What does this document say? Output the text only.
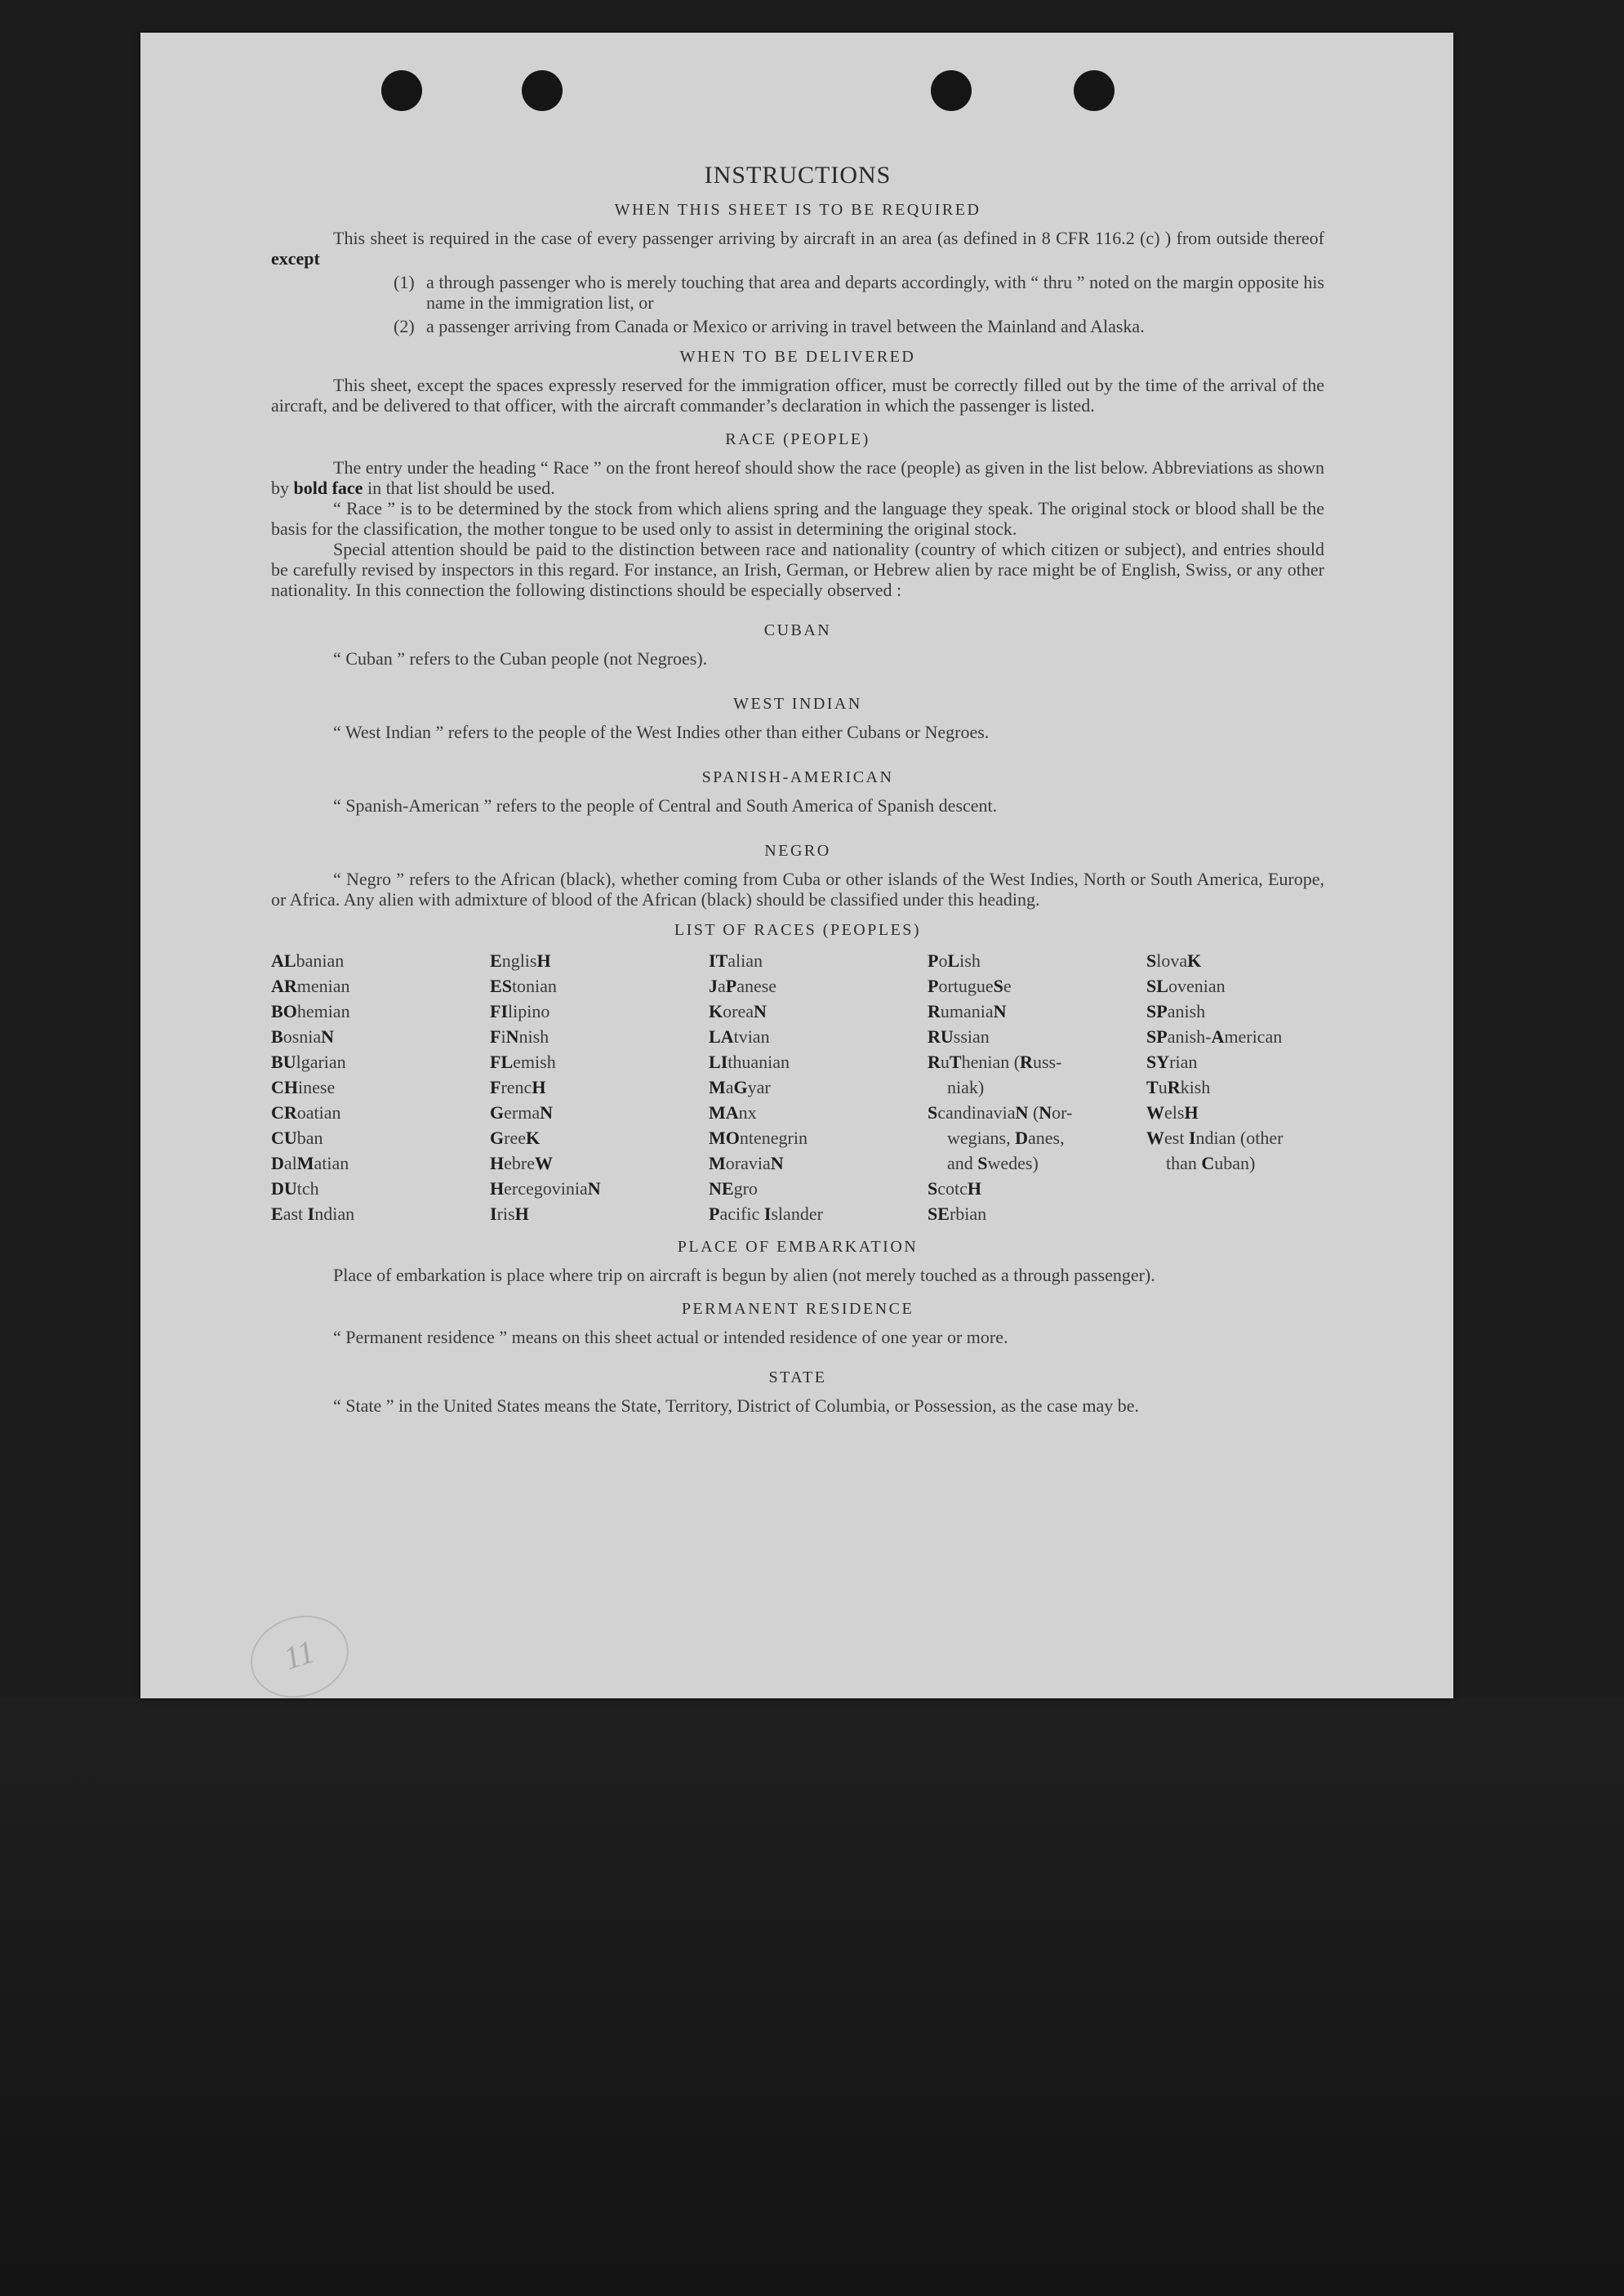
INSTRUCTIONS
WHEN THIS SHEET IS TO BE REQUIRED

This sheet is required in the case of every passenger arriving by aircraft in an area (as defined in 8 CFR 116.2 (c) ) from outside thereof except

(1) a through passenger who is merely touching that area and departs accordingly, with “ thru ” noted on the margin opposite his name in the immigration list, or
(2) a passenger arriving from Canada or Mexico or arriving in travel between the Mainland and Alaska.
WHEN TO BE DELIVERED

This sheet, except the spaces expressly reserved for the immigration officer, must be correctly filled out by the time of the arrival of the aircraft, and be delivered to that officer, with the aircraft commander’s declaration in which the passenger is listed.

RACE (PEOPLE)

The entry under the heading “ Race ” on the front hereof should show the race (people) as given in the list below. Abbreviations as shown by bold face in that list should be used.

“ Race ” is to be determined by the stock from which aliens spring and the language they speak. The original stock or blood shall be the basis for the classification, the mother tongue to be used only to assist in determining the original stock.

Special attention should be paid to the distinction between race and nationality (country of which citizen or subject), and entries should be carefully revised by inspectors in this regard. For instance, an Irish, German, or Hebrew alien by race might be of English, Swiss, or any other nationality. In this connection the following distinctions should be especially observed :

CUBAN

“ Cuban ” refers to the Cuban people (not Negroes).

WEST INDIAN

“ West Indian ” refers to the people of the West Indies other than either Cubans or Negroes.

SPANISH-AMERICAN

“ Spanish-American ” refers to the people of Central and South America of Spanish descent.

NEGRO

“ Negro ” refers to the African (black), whether coming from Cuba or other islands of the West Indies, North or South America, Europe, or Africa. Any alien with admixture of blood of the African (black) should be classified under this heading.

LIST OF RACES (PEOPLES)
ALbanian
ARmenian
BOhemian
BosniaN
BUlgarian
CHinese
CRoatian
CUban
DalMatian
DUtch
East Indian
EnglisH
EStonian
FIlipino
FiNnish
FLemish
FrencH
GermaN
GreeK
HebreW
HercegoviniaN
IrisH
ITalian
JaPanese
KoreaN
LAtvian
LIthuanian
MaGyar
MAnx
MOntenegrin
MoraviaN
NEgro
Pacific Islander
PoLish
PortugueSe
RumaniaN
RUssian
RuThenian (Russ-
niak)
ScandinaviaN (Nor-
wegians, Danes,
and Swedes)
ScotcH
SErbian
SlovaK
SLovenian
SPanish
SPanish-American
SYrian
TuRkish
WelsH
West Indian (other
than Cuban)
PLACE OF EMBARKATION

Place of embarkation is place where trip on aircraft is begun by alien (not merely touched as a through passenger).

PERMANENT RESIDENCE

“ Permanent residence ” means on this sheet actual or intended residence of one year or more.

STATE

“ State ” in the United States means the State, Territory, District of Columbia, or Possession, as the case may be.

11
